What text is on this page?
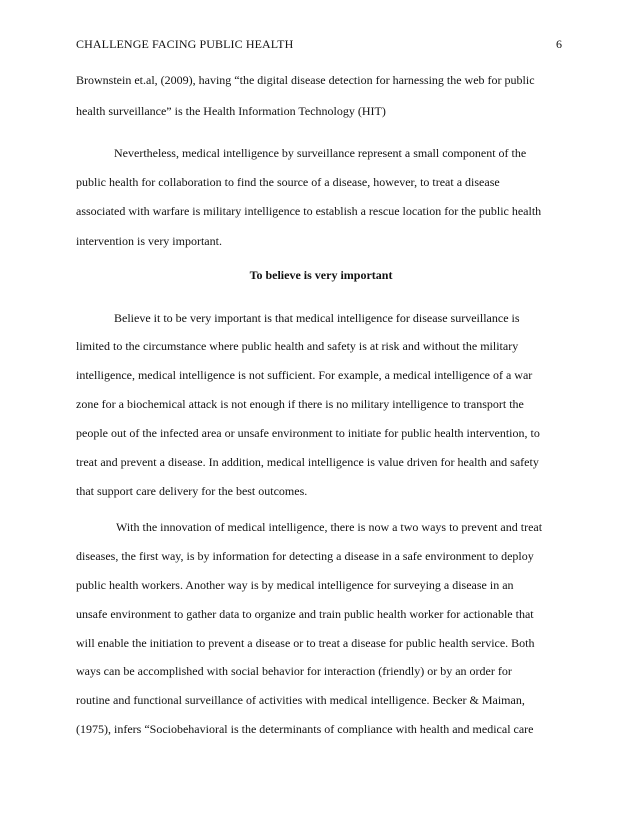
CHALLENGE FACING PUBLIC HEALTH	6
Brownstein et.al, (2009), having “the digital disease detection for harnessing the web for public
health surveillance” is the Health Information Technology (HIT)
Nevertheless, medical intelligence by surveillance represent a small component of the
public health for collaboration to find the source of a disease, however, to treat a disease
associated with warfare is military intelligence to establish a rescue location for the public health
intervention is very important.
To believe is very important
Believe it to be very important is that medical intelligence for disease surveillance is
limited to the circumstance where public health and safety is at risk and without the military
intelligence, medical intelligence is not sufficient. For example, a medical intelligence of a war
zone for a biochemical attack is not enough if there is no military intelligence to transport the
people out of the infected area or unsafe environment to initiate for public health intervention, to
treat and prevent a disease. In addition, medical intelligence is value driven for health and safety
that support care delivery for the best outcomes.
With the innovation of medical intelligence, there is now a two ways to prevent and treat
diseases, the first way, is by information for detecting a disease in a safe environment to deploy
public health workers. Another way is by medical intelligence for surveying a disease in an
unsafe environment to gather data to organize and train public health worker for actionable that
will enable the initiation to prevent a disease or to treat a disease for public health service. Both
ways can be accomplished with social behavior for interaction (friendly) or by an order for
routine and functional surveillance of activities with medical intelligence. Becker & Maiman,
(1975), infers “Sociobehavioral is the determinants of compliance with health and medical care
